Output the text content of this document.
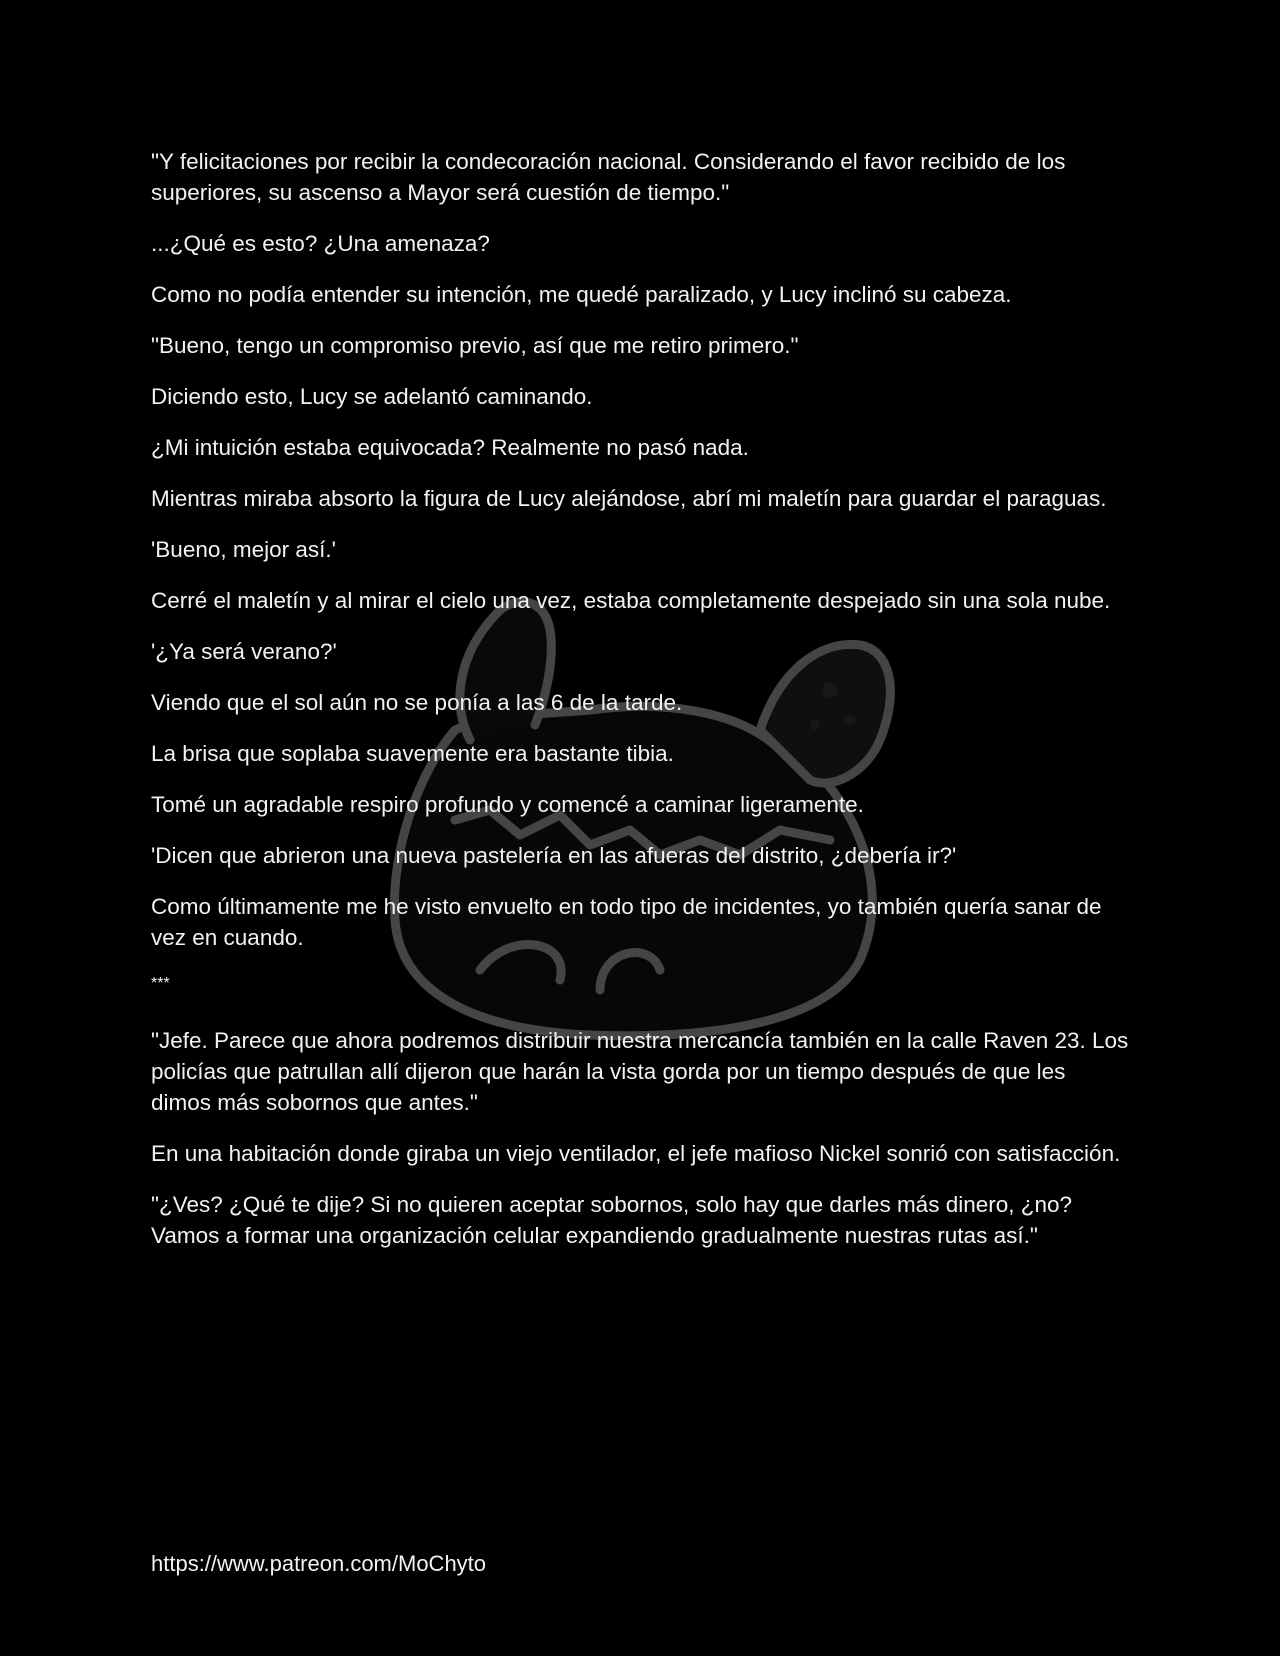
"Y felicitaciones por recibir la condecoración nacional. Considerando el favor recibido de los superiores, su ascenso a Mayor será cuestión de tiempo."

...¿Qué es esto? ¿Una amenaza?

Como no podía entender su intención, me quedé paralizado, y Lucy inclinó su cabeza.

"Bueno, tengo un compromiso previo, así que me retiro primero."

Diciendo esto, Lucy se adelantó caminando.

¿Mi intuición estaba equivocada? Realmente no pasó nada.

Mientras miraba absorto la figura de Lucy alejándose, abrí mi maletín para guardar el paraguas.

'Bueno, mejor así.'

Cerré el maletín y al mirar el cielo una vez, estaba completamente despejado sin una sola nube.

'¿Ya será verano?'

Viendo que el sol aún no se ponía a las 6 de la tarde.

La brisa que soplaba suavemente era bastante tibia.

Tomé un agradable respiro profundo y comencé a caminar ligeramente.

'Dicen que abrieron una nueva pastelería en las afueras del distrito, ¿debería ir?'

Como últimamente me he visto envuelto en todo tipo de incidentes, yo también quería sanar de vez en cuando.

***

"Jefe. Parece que ahora podremos distribuir nuestra mercancía también en la calle Raven 23. Los policías que patrullan allí dijeron que harán la vista gorda por un tiempo después de que les dimos más sobornos que antes."

En una habitación donde giraba un viejo ventilador, el jefe mafioso Nickel sonrió con satisfacción.

"¿Ves? ¿Qué te dije? Si no quieren aceptar sobornos, solo hay que darles más dinero, ¿no? Vamos a formar una organización celular expandiendo gradualmente nuestras rutas así."

https://www.patreon.com/MoChyto
